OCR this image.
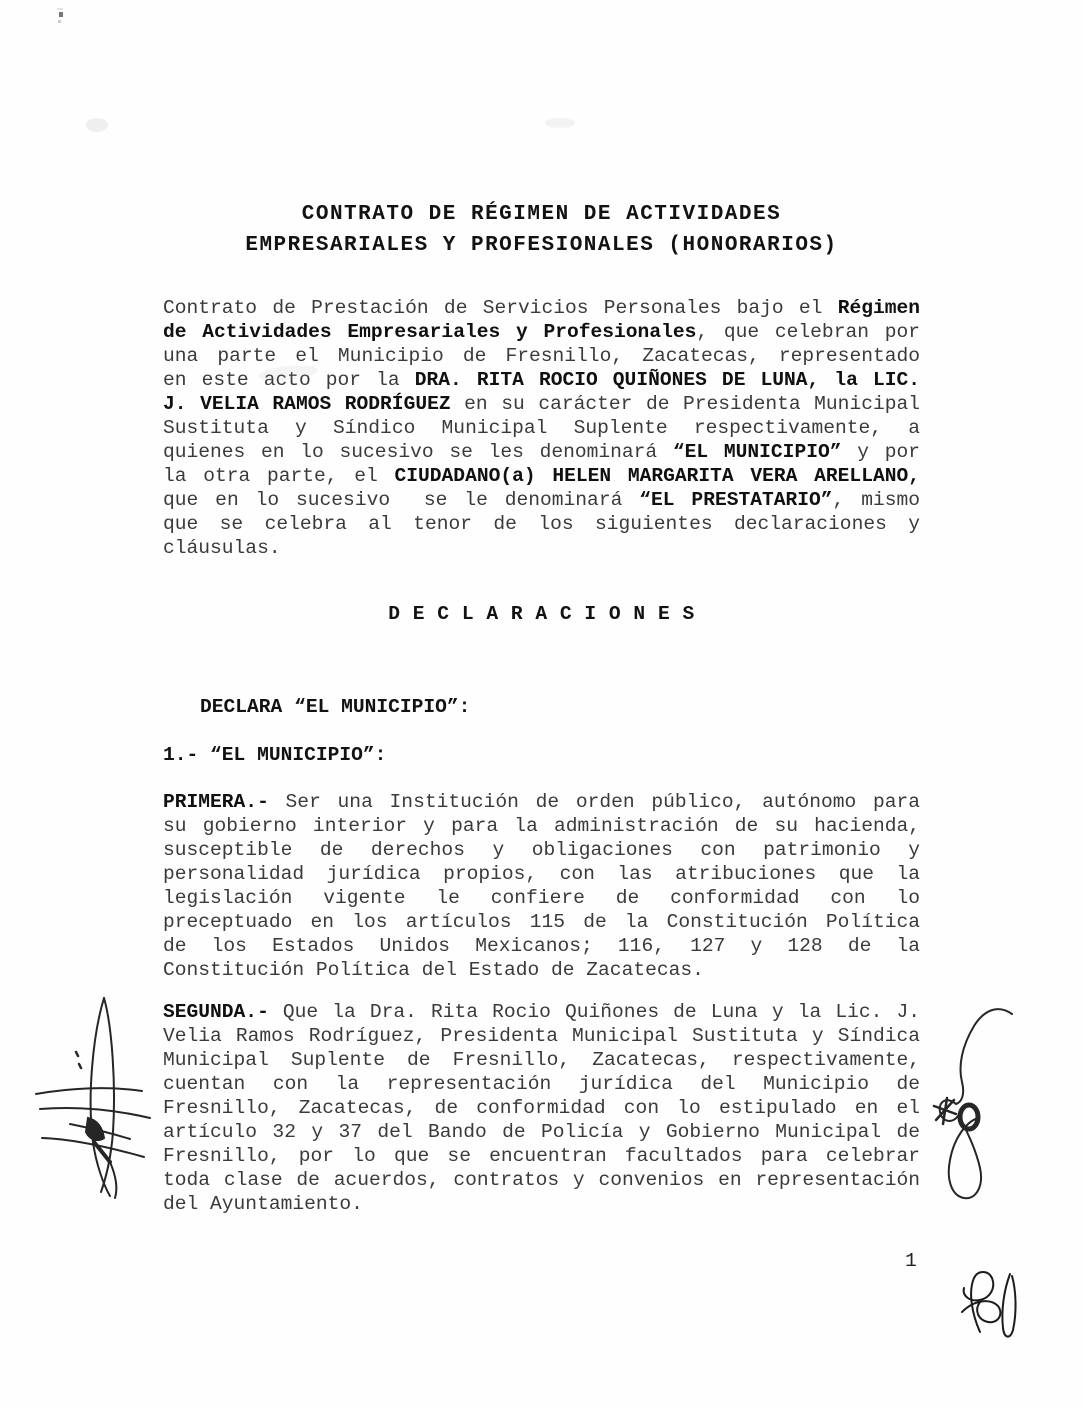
CONTRATO DE RÉGIMEN DE ACTIVIDADES
EMPRESARIALES Y PROFESIONALES (HONORARIOS)
Contrato de Prestación de Servicios Personales bajo el Régimen
de Actividades Empresariales y Profesionales, que celebran por
una parte el Municipio de Fresnillo, Zacatecas, representado
en este acto por la DRA. RITA ROCIO QUIÑONES DE LUNA, la LIC.
J. VELIA RAMOS RODRÍGUEZ en su carácter de Presidenta Municipal
Sustituta y Síndico Municipal Suplente respectivamente, a
quienes en lo sucesivo se les denominará “EL MUNICIPIO” y por
la otra parte, el CIUDADANO(a) HELEN MARGARITA VERA ARELLANO,
que en lo sucesivo  se le denominará “EL PRESTATARIO”, mismo
que se celebra al tenor de los siguientes declaraciones y
cláusulas.
D E C L A R A C I O N E S
DECLARA “EL MUNICIPIO”:
1.- “EL MUNICIPIO”:
PRIMERA.- Ser una Institución de orden público, autónomo para
su gobierno interior y para la administración de su hacienda,
susceptible de derechos y obligaciones con patrimonio y
personalidad jurídica propios, con las atribuciones que la
legislación vigente le confiere de conformidad con lo
preceptuado en los artículos 115 de la Constitución Política
de los Estados Unidos Mexicanos; 116, 127 y 128 de la
Constitución Política del Estado de Zacatecas.
SEGUNDA.- Que la Dra. Rita Rocio Quiñones de Luna y la Lic. J.
Velia Ramos Rodríguez, Presidenta Municipal Sustituta y Síndica
Municipal Suplente de Fresnillo, Zacatecas, respectivamente,
cuentan con la representación jurídica del Municipio de
Fresnillo, Zacatecas, de conformidad con lo estipulado en el
artículo 32 y 37 del Bando de Policía y Gobierno Municipal de
Fresnillo, por lo que se encuentran facultados para celebrar
toda clase de acuerdos, contratos y convenios en representación
del Ayuntamiento.
1
